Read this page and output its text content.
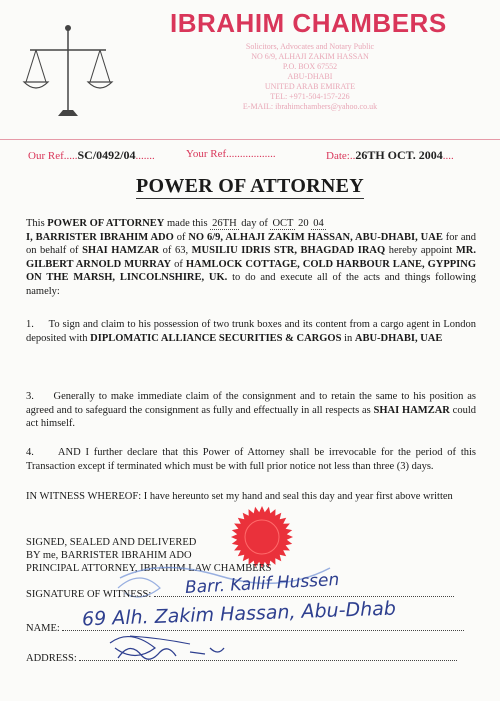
IBRAHIM CHAMBERS
Solicitors, Advocates and Notary Public
NO 6/9, ALHAJI ZAKIM HASSAN
P.O. BOX 67552
ABU-DHABI
UNITED ARAB EMIRATE
TEL: +971-504-157-226
E-MAIL: ibrahimchambers@yahoo.co.uk
Our Ref.....SC/0492/04.......	Your Ref..................	Date:..26TH OCT. 2004....
POWER OF ATTORNEY
This POWER OF ATTORNEY made this 26TH day of OCT 20 04
I, BARRISTER IBRAHIM ADO of NO 6/9, ALHAJI ZAKIM HASSAN, ABU-DHABI, UAE for and on behalf of SHAI HAMZAR of 63, MUSILIU IDRIS STR, BHAGDAD IRAQ hereby appoint MR. GILBERT ARNOLD MURRAY of HAMLOCK COTTAGE, COLD HARBOUR LANE, GYPPING ON THE MARSH, LINCOLNSHIRE, UK. to do and execute all of the acts and things following namely:
1. To sign and claim to his possession of two trunk boxes and its content from a cargo agent in London deposited with DIPLOMATIC ALLIANCE SECURITIES & CARGOS in ABU-DHABI, UAE
3. Generally to make immediate claim of the consignment and to retain the same to his position as agreed and to safeguard the consignment as fully and effectually in all respects as SHAI HAMZAR could act himself.
4. AND I further declare that this Power of Attorney shall be irrevocable for the period of this Transaction except if terminated which must be with full prior notice not less than three (3) days.
IN WITNESS WHEREOF: I have hereunto set my hand and seal this day and year first above written
SIGNED, SEALED AND DELIVERED
BY me, BARRISTER IBRAHIM ADO
PRINCIPAL ATTORNEY, IBRAHIM LAW CHAMBERS
SIGNATURE OF WITNESS:	Barr. Kallif Hussen
NAME:	69 Alh. Zakim Hassan, Abu-Dhab
ADDRESS:
